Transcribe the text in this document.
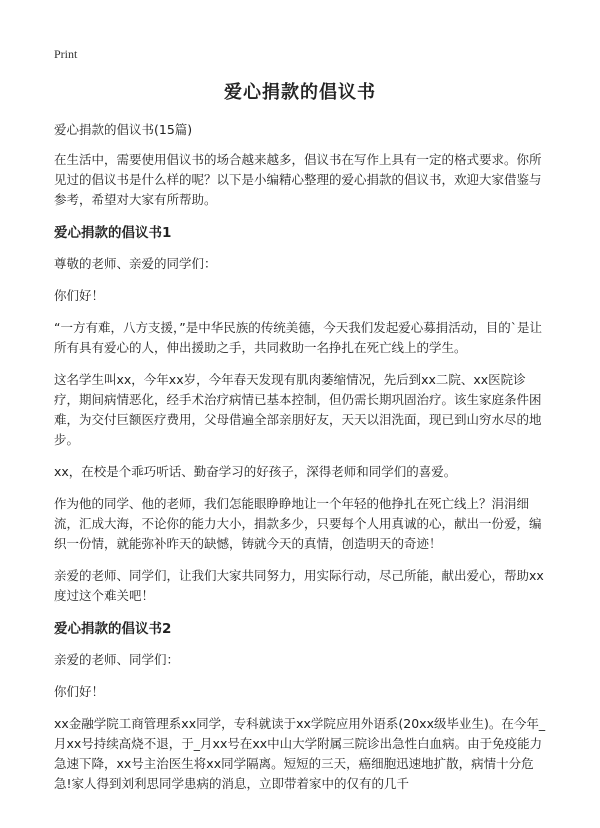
Print
爱心捐款的倡议书
爱心捐款的倡议书(15篇)
在生活中，需要使用倡议书的场合越来越多，倡议书在写作上具有一定的格式要求。你所见过的倡议书是什么样的呢？以下是小编精心整理的爱心捐款的倡议书，欢迎大家借鉴与参考，希望对大家有所帮助。
爱心捐款的倡议书1
尊敬的老师、亲爱的同学们：
你们好！
“一方有难，八方支援，”是中华民族的传统美德，今天我们发起爱心募捐活动，目的`是让所有具有爱心的人，伸出援助之手，共同救助一名挣扎在死亡线上的学生。
这名学生叫xx，今年xx岁，今年春天发现有肌肉萎缩情况，先后到xx二院、xx医院诊疗，期间病情恶化，经手术治疗病情已基本控制，但仍需长期巩固治疗。该生家庭条件困难，为交付巨额医疗费用，父母借遍全部亲朋好友，天天以泪洗面，现已到山穷水尽的地步。
xx，在校是个乖巧听话、勤奋学习的好孩子，深得老师和同学们的喜爱。
作为他的同学、他的老师，我们怎能眼睁睁地让一个年轻的他挣扎在死亡线上？涓涓细流，汇成大海，不论你的能力大小，捐款多少，只要每个人用真诚的心，献出一份爱，编织一份情，就能弥补昨天的缺憾，铸就今天的真情，创造明天的奇迹！
亲爱的老师、同学们，让我们大家共同努力，用实际行动，尽己所能，献出爱心，帮助xx度过这个难关吧！
爱心捐款的倡议书2
亲爱的老师、同学们：
你们好！
xx金融学院工商管理系xx同学，专科就读于xx学院应用外语系(20xx级毕业生)。在今年_月xx号持续高烧不退，于_月xx号在xx中山大学附属三院诊出急性白血病。由于免疫能力急速下降，xx号主治医生将xx同学隔离。短短的三天，癌细胞迅速地扩散，病情十分危急!家人得到刘利思同学患病的消息，立即带着家中的仅有的几千
